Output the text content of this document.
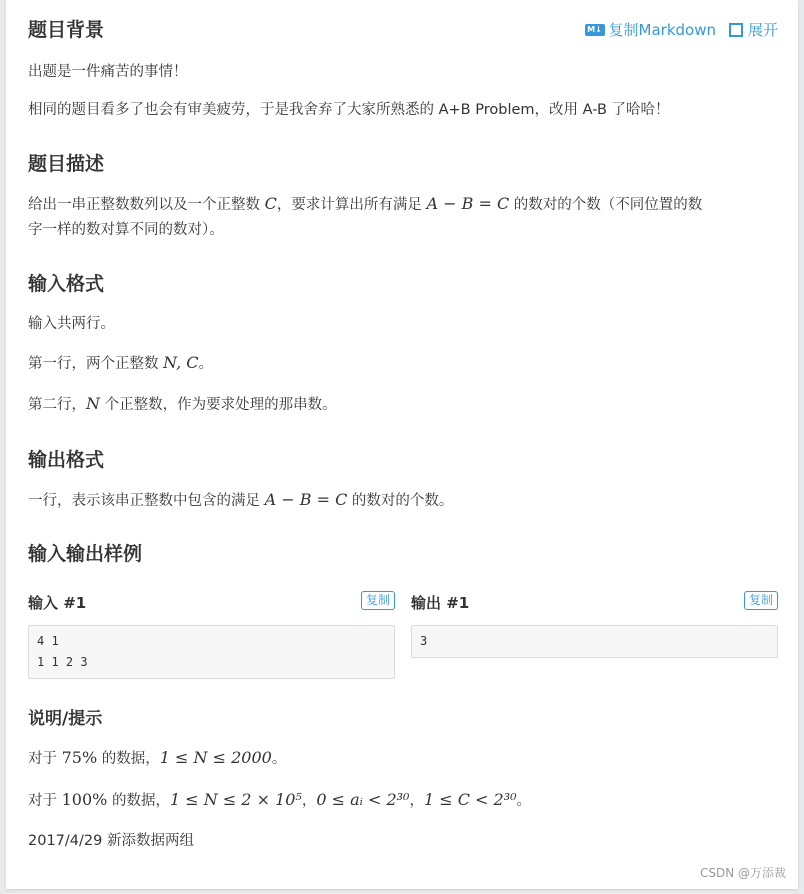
M↓ 复制Markdown 展开
题目背景

出题是一件痛苦的事情！

相同的题目看多了也会有审美疲劳，于是我舍弃了大家所熟悉的 A+B Problem，改用 A-B 了哈哈！

题目描述

给出一串正整数数列以及一个正整数 C，要求计算出所有满足 A − B = C 的数对的个数（不同位置的数

字一样的数对算不同的数对）。

输入格式

输入共两行。

第一行，两个正整数 N, C。

第二行，N 个正整数，作为要求处理的那串数。

输出格式

一行，表示该串正整数中包含的满足 A − B = C 的数对的个数。

输入输出样例
输入 #1	复制
4 1
1 1 2 3
输出 #1	复制
3
说明/提示

对于 75% 的数据，1 ≤ N ≤ 2000。

对于 100% 的数据，1 ≤ N ≤ 2 × 10⁵，0 ≤ aᵢ < 2³⁰，1 ≤ C < 2³⁰。

2017/4/29 新添数据两组

CSDN @万添裁
